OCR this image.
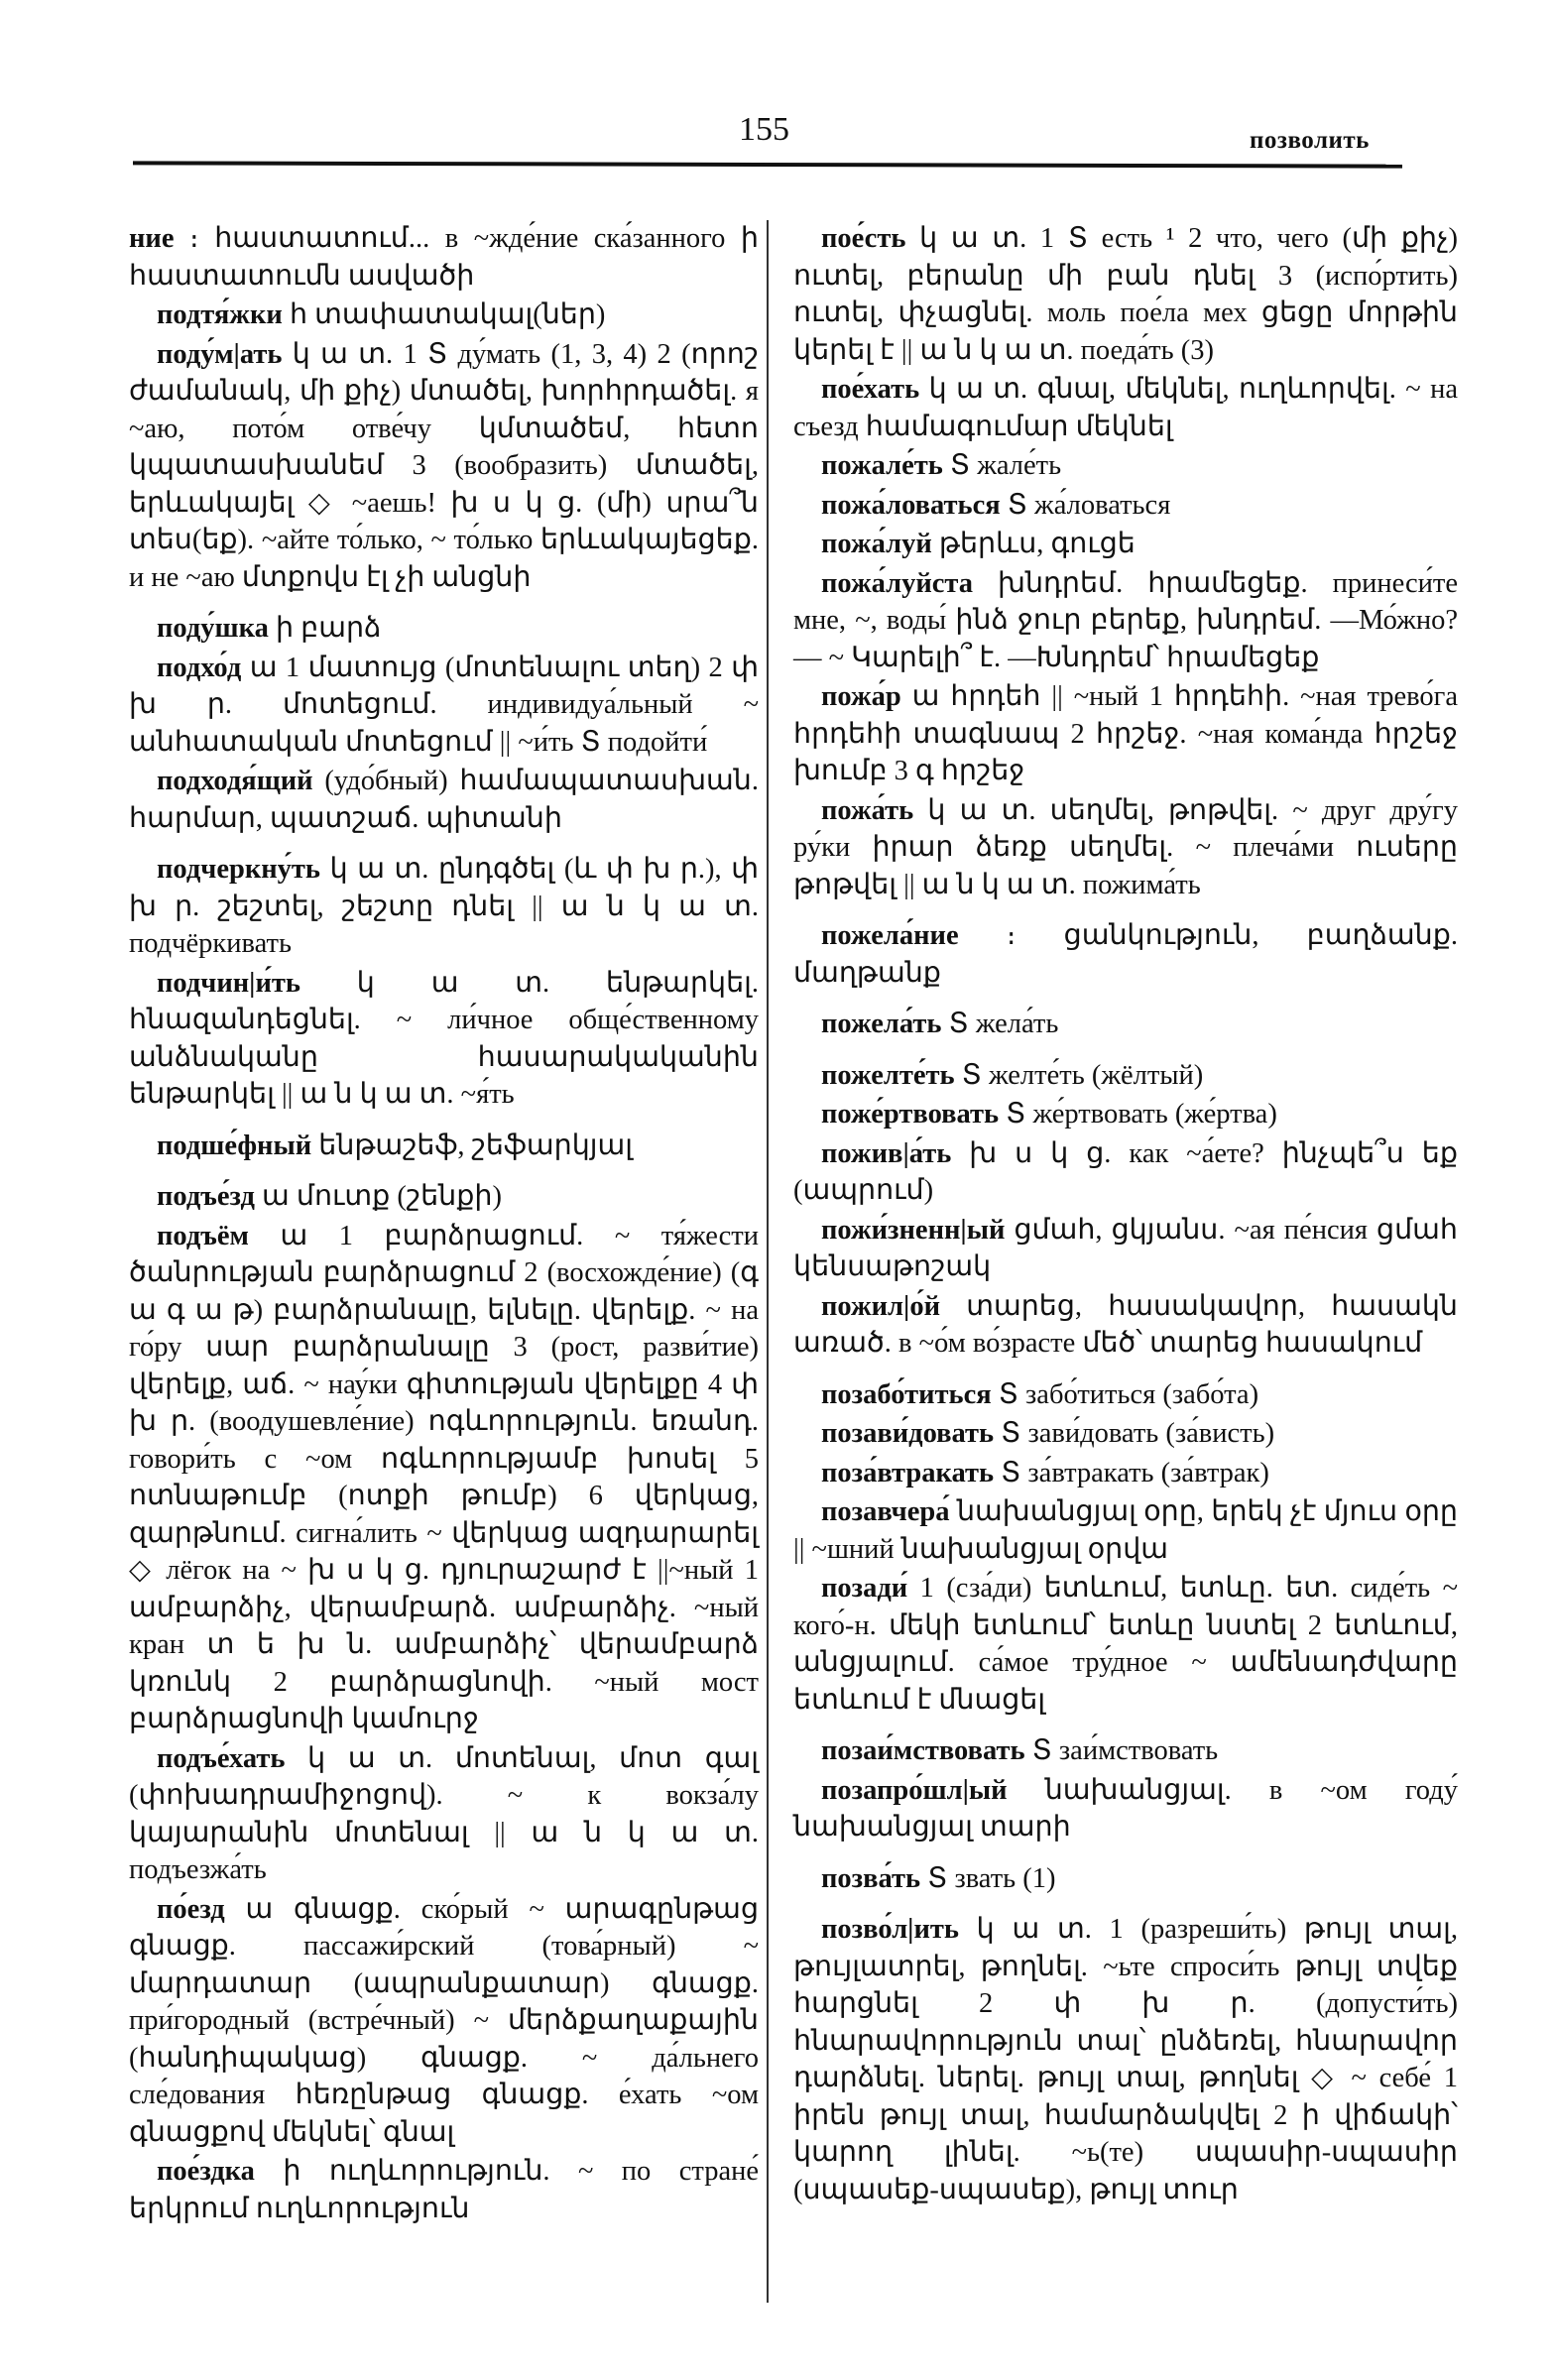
155	позволить

ние ։ հաստատում... в ~жде́ние ска́занного ի հաստատումն ասվածի

подтя́жки հ տափատակալ(ներ)

поду́м|ать կ ա տ. 1 Տ ду́мать (1, 3, 4) 2 (որոշ ժամանակ, մի քիչ) մտածել, խորհրդածել. я ~аю, пото́м отве́чу կմտածեմ, հետո կպատասխանեմ 3 (вообразить) մտածել, երևակայել ◇ ~аешь! խ ս կ ց. (մի) սրա՞ն տես(եք). ~айте то́лько, ~ то́лько երևակայեցեք. и не ~аю մտքովս էլ չի անցնի

поду́шка ի բարձ

подхо́д ա 1 մատույց (մոտենալու տեղ) 2 փ խ ր. մոտեցում. индивидуа́льный ~ անհատական մոտեցում || ~и́ть Տ подойти́

подходя́щий (удо́бный) համապատասխան. հարմար, պատշաճ. պիտանի

подчеркну́ть կ ա տ. ընդգծել (և փ խ ր.), փ խ ր. շեշտել, շեշտը դնել || ա ն կ ա տ. подчёркивать

подчин|и́ть կ ա տ. ենթարկել. հնազանդեցնել. ~ ли́чное обще́ственному անձնականը հասարակականին ենթարկել || ա ն կ ա տ. ~я́ть

подше́фный ենթաշեֆ, շեֆարկյալ

подъе́зд ա մուտք (շենքի)

подъём ա 1 բարձրացում. ~ тя́жести ծանրության բարձրացում 2 (восхожде́ние) (գ ա գ ա թ) բարձրանալը, ելնելը. վերելք. ~ на го́ру սար բարձրանալը 3 (рост, разви́тие) վերելք, աճ. ~ нау́ки գիտության վերելքը 4 փ խ ր. (воодушевле́ние) ոգևորություն. եռանդ. говори́ть с ~ом ոգևորությամբ խոսել 5 ոտնաթումբ (ոտքի թումբ) 6 վերկաց, զարթնում. сигна́лить ~ վերկաց ազդարարել ◇ лёгок на ~ խ ս կ ց. դյուրաշարժ է ||~ный 1 ամբարձիչ, վերամբարձ. ամբարձիչ. ~ный кран տ ե խ ն. ամբարձիչ՝ վերամբարձ կռունկ 2 բարձրացնովի. ~ный мост բարձրացնովի կամուրջ

подъе́хать կ ա տ. մոտենալ, մոտ գալ (փոխադրամիջոցով). ~ к вокза́лу կայարանին մոտենալ || ա ն կ ա տ. подъезжа́ть

по́езд ա գնացք. ско́рый ~ արագընթաց գնացք. пассажи́рский (това́рный) ~ մարդատար (ապրանքատար) գնացք. при́городный (встре́чный) ~ մերձքաղաքային (հանդիպակաց) գնացք. ~ да́льнего сле́дования հեռընթաց գնացք. е́хать ~ом գնացքով մեկնել՝ գնալ

пое́здка ի ուղևորություն. ~ по стране́ երկրում ուղևորություն

пое́сть կ ա տ. 1 Տ есть ¹ 2 что, чего (մի քիչ) ուտել, բերանը մի բան դնել 3 (испо́ртить) ուտել, փչացնել. моль пое́ла мех ցեցը մորթին կերել է || ա ն կ ա տ. поеда́ть (3)

пое́хать կ ա տ. գնալ, մեկնել, ուղևորվել. ~ на съезд համագումար մեկնել

пожале́ть Տ жале́ть

пожа́ловаться Տ жа́ловаться

пожа́луй թերևս, գուցե

пожа́луйста խնդրեմ. հրամեցեք. принеси́те мне, ~, воды́ ինձ ջուր բերեք, խնդրեմ. —Мо́жно? — ~ Կարելի՞ է. —Խնդրեմ՝ հրամեցեք

пожа́р ա հրդեհ || ~ный 1 հրդեհի. ~ная трево́га հրդեհի տագնապ 2 հրշեջ. ~ная кома́нда հրշեջ խումբ 3 գ հրշեջ

пожа́ть կ ա տ. սեղմել, թոթվել. ~ друг дру́гу ру́ки իրար ձեռք սեղմել. ~ плеча́ми ուսերը թոթվել || ա ն կ ա տ. пожима́ть

пожела́ние ։ ցանկություն, բաղձանք. մաղթանք

пожела́ть Տ жела́ть

пожелте́ть Տ желте́ть (жёлтый)

поже́ртвовать Տ же́ртвовать (же́ртва)

пожив|а́ть խ ս կ ց. как ~а́ете? ինչպե՞ս եք (ապրում)

пожи́зненн|ый ցմահ, ցկյանս. ~ая пе́нсия ցմահ կենսաթոշակ

пожил|о́й տարեց, հասակավոր, հասակն առած. в ~о́м во́зрасте մեծ՝ տարեց հասակում

позабо́титься Տ забо́титься (забо́та)

позави́довать Տ зави́довать (за́висть)

поза́втракать Տ за́втракать (за́втрак)

позавчера́ նախանցյալ օրը, երեկ չէ մյուս օրը || ~шний նախանցյալ օրվա

позади́ 1 (сза́ди) ետևում, ետևը. ետ. сиде́ть ~ кого́-н. մեկի ետևում՝ ետևը նստել 2 ետևում, անցյալում. са́мое тру́дное ~ ամենադժվարը ետևում է մնացել

позаи́мствовать Տ заи́мствовать

позапро́шл|ый նախանցյալ. в ~ом году́ նախանցյալ տարի

позва́ть Տ звать (1)

позво́л|ить կ ա տ. 1 (разреши́ть) թույլ տալ, թույլատրել, թողնել. ~ьте спроси́ть թույլ տվեք հարցնել 2 փ խ ր. (допусти́ть) հնարավորություն տալ՝ ընձեռել, հնարավոր դարձնել. ներել. թույլ տալ, թողնել ◇ ~ себе́ 1 իրեն թույլ տալ, համարձակվել 2 ի վիճակի՝ կարող լինել. ~ь(те) սպասիր-սպասիր (սպասեք-սպասեք), թույլ տուր
